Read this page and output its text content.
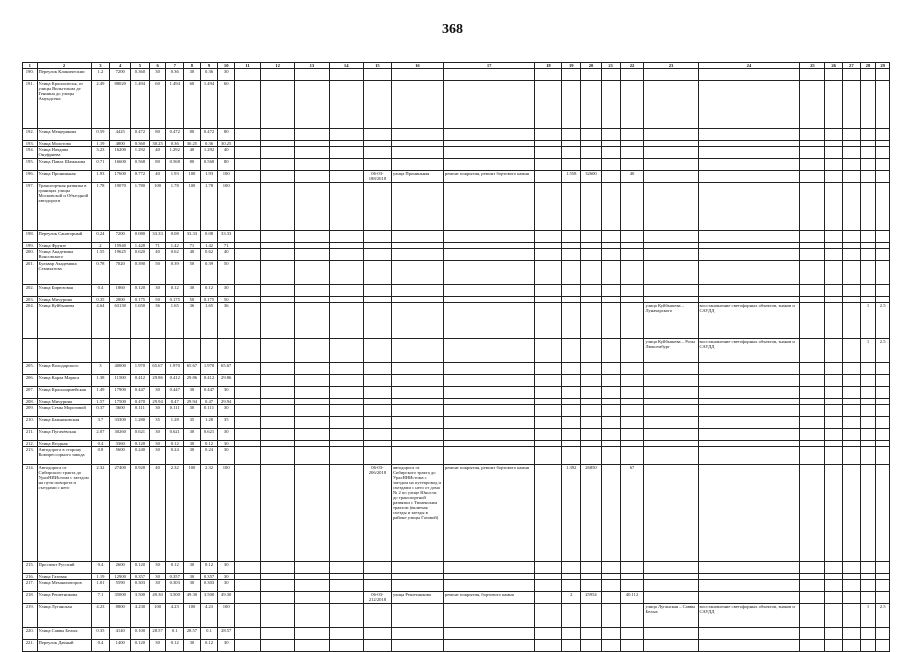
368
1	2	3	4	5	6	7	8	9	10	11	12	13	14	15	16	17	18	19	20	21	22	23	24	25	26	27	28	29
190.	Переулок Клиническии	1.2	7200	0.360	30	0.36	30	0.36	30																			
191.	Улица Краснолесья, от улицы Вильгельма де Геннина до улицы Амундсена	2.49	88020	1.494	60	1.494	60	1.494	60																			
192.	Улица Мещерякова	0.59	4425	0.472	80	0.472	80	0.472	80																			
193.	Улица Молотова	1.19	4800	0.360	30.25	0.36	30.25	0.36	30.25																			
194.	Улица Начдива Онуфриева	3.23	16200	1.292	40	1.292	40	1.292	40																			
195.	Улица Павла Шаманова	0.71	16600	0.568	80	0.568	80	0.568	80																			
196.	Улица Прониньная	1.93	17600	0.772	40	1.93	100	1.93	100					06-03-188/2018	улица Прониньная	ремонт покрытия, ремонт бортового камня		1.558	32600		40							
197.	Транспортная развязка в границах улицы Московской и Объездной автодороги	1.78	19070	1.780	100	1.78	100	1.78	100																			
198.	Переулок Санаторный	0.24	7200	0.080	33.33	0.08	33.33	0.08	33.33																			
199.	Улица Фрунзе	2	15940	1.420	71	1.42	71	1.42	71																			
200.	Улица Академика Вонсовского	1.55	19625	0.620	40	0.62	40	0.62	40																			
201.	Бульвар Академика Семихатова	0.78	7020	0.390	50	0.39	50	0.39	50																			
202.	Улица Бирюзовая	0.4	1860	0.120	30	0.12	30	0.12	30																			
203.	Улица Мичурина	0.35	2800	0.175	50	0.175	50	0.175	50																			
204.	Улица Куйбышева	4.64	63130	1.650	36	1.65	36	1.65	36													улица Куйбышева – Луначарского	восстановление светофорных объектов, знаков и САУДД				1	2.5
																						улица Куйбышева – Розы Люксембург	восстановление светофорных объектов, знаков и САУДД				1	2.5
205.	Улица Володарского	3	40000	1.970	65.67	1.970	65.67	1.970	65.67																			
206.	Улица Карла Маркса	1.38	11500	0.412	29.86	0.412	29.86	0.412	29.86																			
207.	Улица Красноармейская	1.49	17900	0.447	30	0.447	30	0.447	30																			
208.	Улица Мичурина	1.57	17500	0.470	29.94	0.47	29.94	0.47	29.94																			
209.	Улица Семы Морозовой	0.37	3600	0.111	30	0.111	30	0.111	30																			
210.	Улица Бажниковская	3.7	33300	1.280	35	1.28	35	1.28	35																			
211.	Улица Пугачёвская	2.07	30260	0.621	30	0.621	30	0.621	30																			
212.	Улица Ягодная	0.4	3360	0.120	30	0.12	30	0.12	30																			
213.	Автодорога в сторону Компрессорного завода	0.8	5600	0.240	30	0.24	30	0.24	30																			
214.	Автодорога от Сибирского тракта до УралНИИстома с заездом на пути поворота и съездами с него	2.32	27400	0.928	40	2.32	100	2.32	100					06-03-206/2018	автодорога от Сибирского тракта до УралНИИстома с заездом на путепровод и съездами с него от дома № 2 по улице Юности до транспортной развязки с Тюменским трактом (включая съезды и заезды в районе улицы Газовой)	ремонт покрытия, ремонт бортового камня		1.392	26850		67							
215.	Проспект Русский	0.4	2600	0.120	30	0.12	30	0.12	30																			
216.	Улица Газовая	1.19	12900	0.357	30	0.357	30	0.357	30																			
217.	Улица Механизаторов	1.01	5590	0.303	30	0.303	30	0.303	30																			
218.	Улица Решетникова	7.1	35000	3.500	49.30	3.500	49.30	3.500	49.30					06-03-212/2018	улица Решетникова	ремонт покрытия, бортового камня		2	25954		40.112							
219.	Улица Луганская	4.23	8800	4.230	100	4.23	100	4.23	100													улица Луганская – Саввы Белых	восстановление светофорных объектов, знаков и САУДД				1	2.5
220.	Улица Саввы Белых	0.35	4140	0.100	28.57	0.1	28.57	0.1	28.57																			
221.	Переулок Дачный	0.4	1400	0.120	30	0.12	30	0.12	30																			
